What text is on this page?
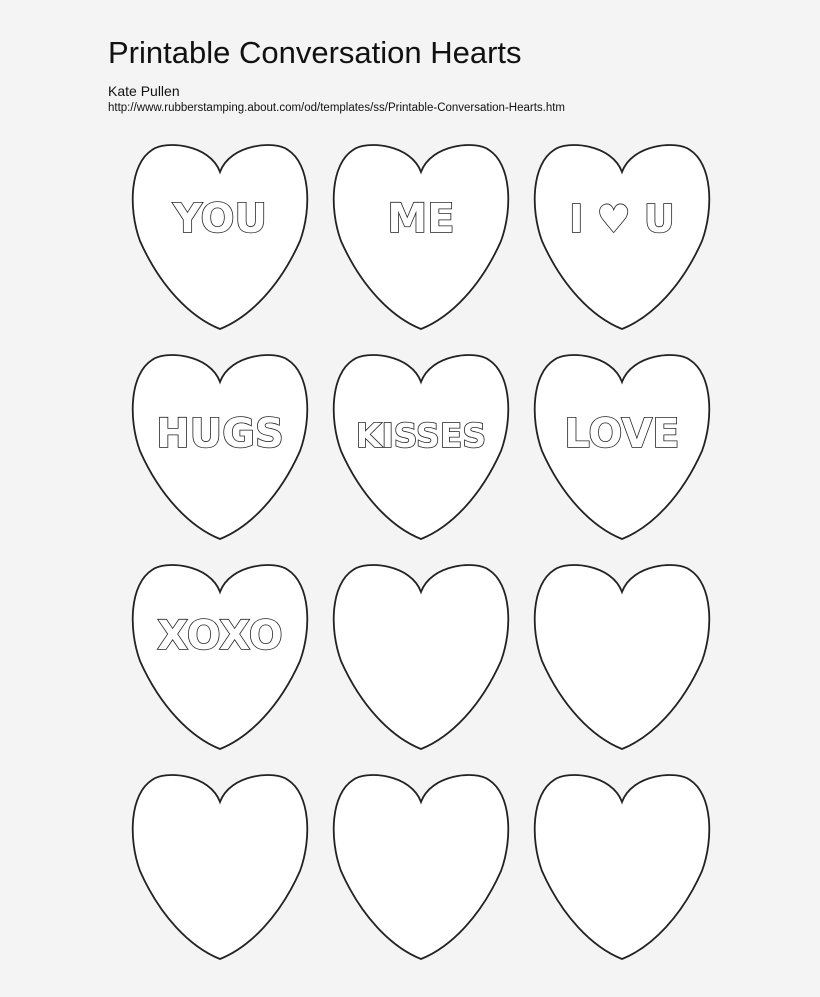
Printable Conversation Hearts
Kate Pullen
http://www.rubberstamping.about.com/od/templates/ss/Printable-Conversation-Hearts.htm
YOU	ME	I ♥ U
HUGS KISSES LOVE
XOXO
